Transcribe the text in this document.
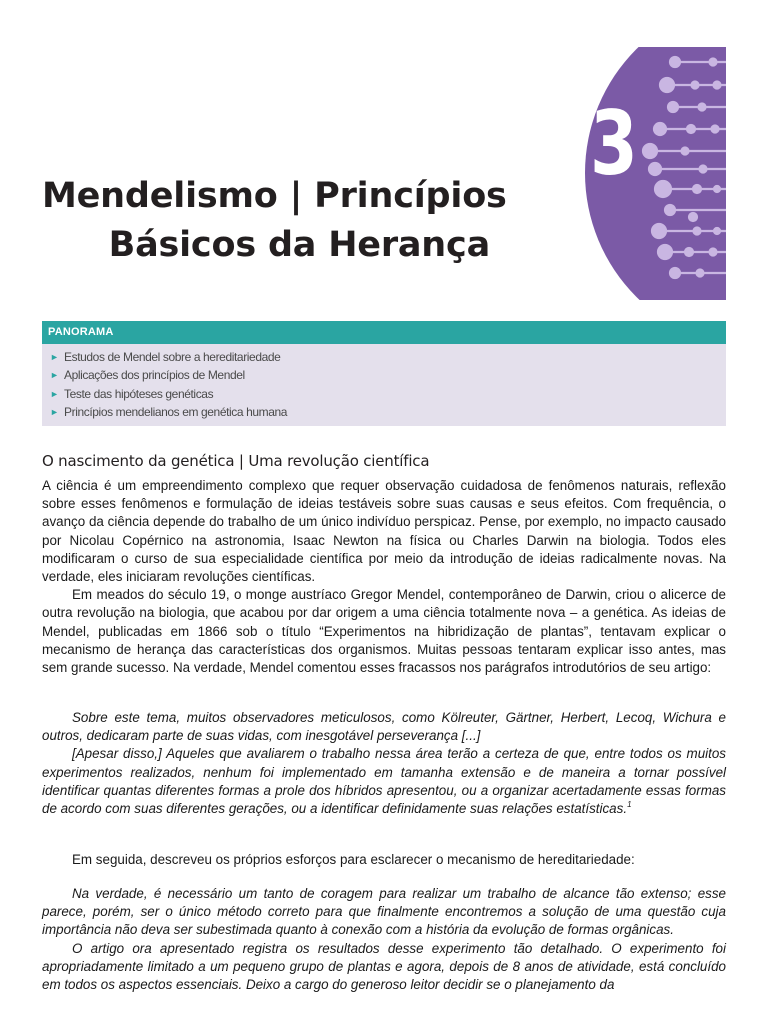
3
Mendelismo | Princípios
Básicos da Herança
PANORAMA
► Estudos de Mendel sobre a hereditariedade
► Aplicações dos princípios de Mendel
► Teste das hipóteses genéticas
► Princípios mendelianos em genética humana
O nascimento da genética | Uma revolução científica

A ciência é um empreendimento complexo que requer observação cuidadosa de fenômenos naturais, reflexão sobre esses fenômenos e formulação de ideias testáveis sobre suas causas e seus efeitos. Com frequência, o avanço da ciência depende do trabalho de um único indivíduo perspicaz. Pense, por exemplo, no impacto causado por Nicolau Copérnico na astronomia, Isaac Newton na física ou Charles Darwin na biologia. Todos eles modificaram o curso de sua especialidade científica por meio da introdução de ideias radicalmente novas. Na verdade, eles iniciaram revoluções científicas.

Em meados do século 19, o monge austríaco Gregor Mendel, contemporâneo de Darwin, criou o alicerce de outra revolução na biologia, que acabou por dar origem a uma ciência totalmente nova – a genética. As ideias de Mendel, publicadas em 1866 sob o título “Experimentos na hibridização de plantas”, tentavam explicar o mecanismo de herança das características dos organismos. Muitas pessoas tentaram explicar isso antes, mas sem grande sucesso. Na verdade, Mendel comentou esses fracassos nos parágrafos introdutórios de seu artigo:

Sobre este tema, muitos observadores meticulosos, como Kölreuter, Gärtner, Herbert, Lecoq, Wichura e outros, dedicaram parte de suas vidas, com inesgotável perseverança [...]

[Apesar disso,] Aqueles que avaliarem o trabalho nessa área terão a certeza de que, entre todos os muitos experimentos realizados, nenhum foi implementado em tamanha extensão e de maneira a tornar possível identificar quantas diferentes formas a prole dos híbridos apresentou, ou a organizar acertadamente essas formas de acordo com suas diferentes gerações, ou a identificar definidamente suas relações estatísticas.$^1$

Em seguida, descreveu os próprios esforços para esclarecer o mecanismo de hereditariedade:

Na verdade, é necessário um tanto de coragem para realizar um trabalho de alcance tão extenso; esse parece, porém, ser o único método correto para que finalmente encontremos a solução de uma questão cuja importância não deva ser subestimada quanto à conexão com a história da evolução de formas orgânicas.

O artigo ora apresentado registra os resultados desse experimento tão detalhado. O experimento foi apropriadamente limitado a um pequeno grupo de plantas e agora, depois de 8 anos de atividade, está concluído em todos os aspectos essenciais. Deixo a cargo do generoso leitor decidir se o planejamento da
